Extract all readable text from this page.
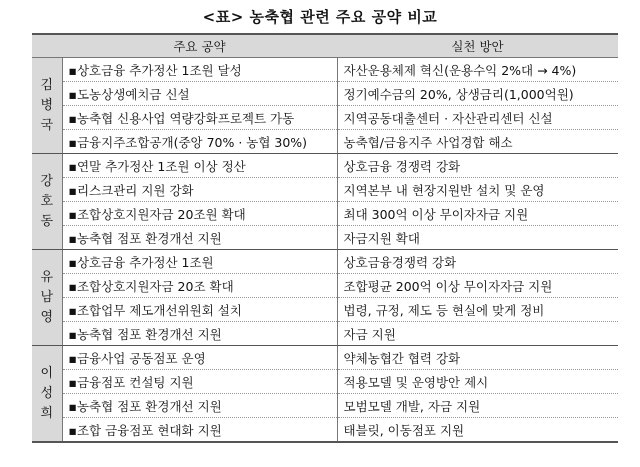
<표> 농축협 관련 주요 공약 비교
	주요 공약	실천 방안

김
병
국	▪상호금융 추가정산 1조원 달성	자산운용체제 혁신(운용수익 2%대 → 4%)
	▪도농상생예치금 신설	정기예수금의 20%, 상생금리(1,000억원)
	▪농축협 신용사업 역량강화프로젝트 가동	지역공동대출센터 · 자산관리센터 신설
	▪금융지주조합공개(중앙 70% · 농협 30%)	농축협/금융지주 사업경합 해소

강
호
동	▪연말 추가정산 1조원 이상 정산	상호금융 경쟁력 강화
	▪리스크관리 지원 강화	지역본부 내 현장지원반 설치 및 운영
	▪조합상호지원자금 20조원 확대	최대 300억 이상 무이자자금 지원
	▪농축협 점포 환경개선 지원	자금지원 확대

유
남
영	▪상호금융 추가정산 1조원	상호금융경쟁력 강화
	▪조합상호지원자금 20조 확대	조합평균 200억 이상 무이자자금 지원
	▪조합업무 제도개선위원회 설치	법령, 규정, 제도 등 현실에 맞게 정비
	▪농축협 점포 환경개선 지원	자금 지원

이
성
희	▪금융사업 공동점포 운영	약체농협간 협력 강화
	▪금융점포 컨설팅 지원	적용모델 및 운영방안 제시
	▪농축협 점포 환경개선 지원	모범모델 개발, 자금 지원
	▪조합 금융점포 현대화 지원	태블릿, 이동점포 지원
